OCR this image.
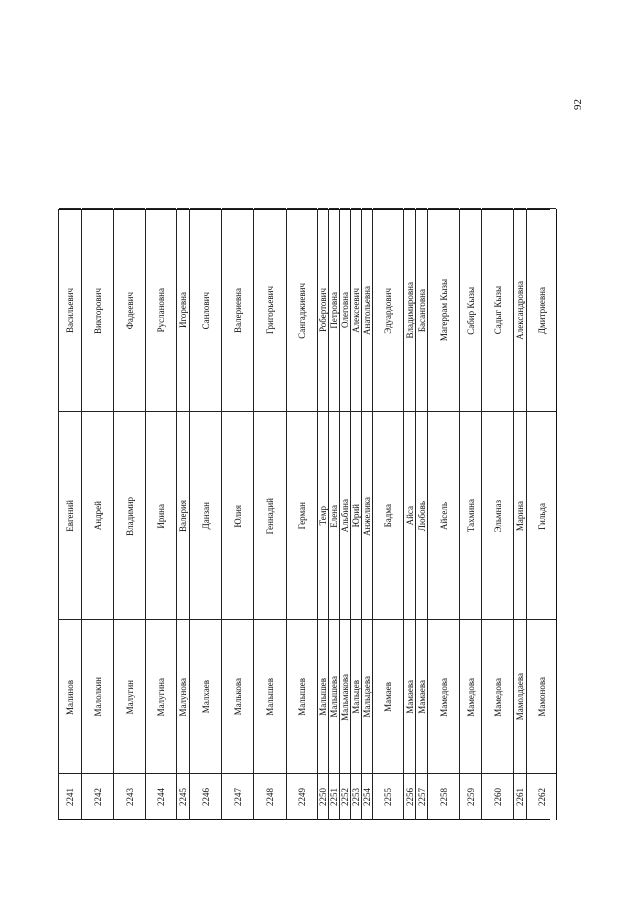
92
2241
Малинов
Евгений
Васильевич
2242
Малолкин
Андрей
Викторович
2243
Малугин
Владимир
Фадеевич
2244
Малугина
Ирина
Руслановна
2245
Малунова
Валерия
Игоревна
2246
Малхаев
Данзан
Санлович
2247
Малькова
Юлия
Валериевна
2248
Малышев
Геннадий
Григорьевич
2249
Малышев
Герман
Сангаджиевич
2250
Малышев
Темр
Робертович
2251
Малышева
Елена
Петровна
2252
Мальмакова
Альбина
Олеговна
2253
Мальцев
Юрий
Алексеевич
2254
Мальцаева
Анжелика
Анатольевна
2255
Мамаев
Бадма
Эдуардович
2256
Мамаева
Айса
Владимировна
2257
Мамаева
Любовь
Басанговна
2258
Мамедова
Айсель
Магеррам Кызы
2259
Мамедова
Тахмина
Сабир Кызы
2260
Мамедова
Эльмназ
Садыг Кызы
2261
Мамолдаева
Марина
Александровна
2262
Мамонова
Гильда
Дмитриевна
